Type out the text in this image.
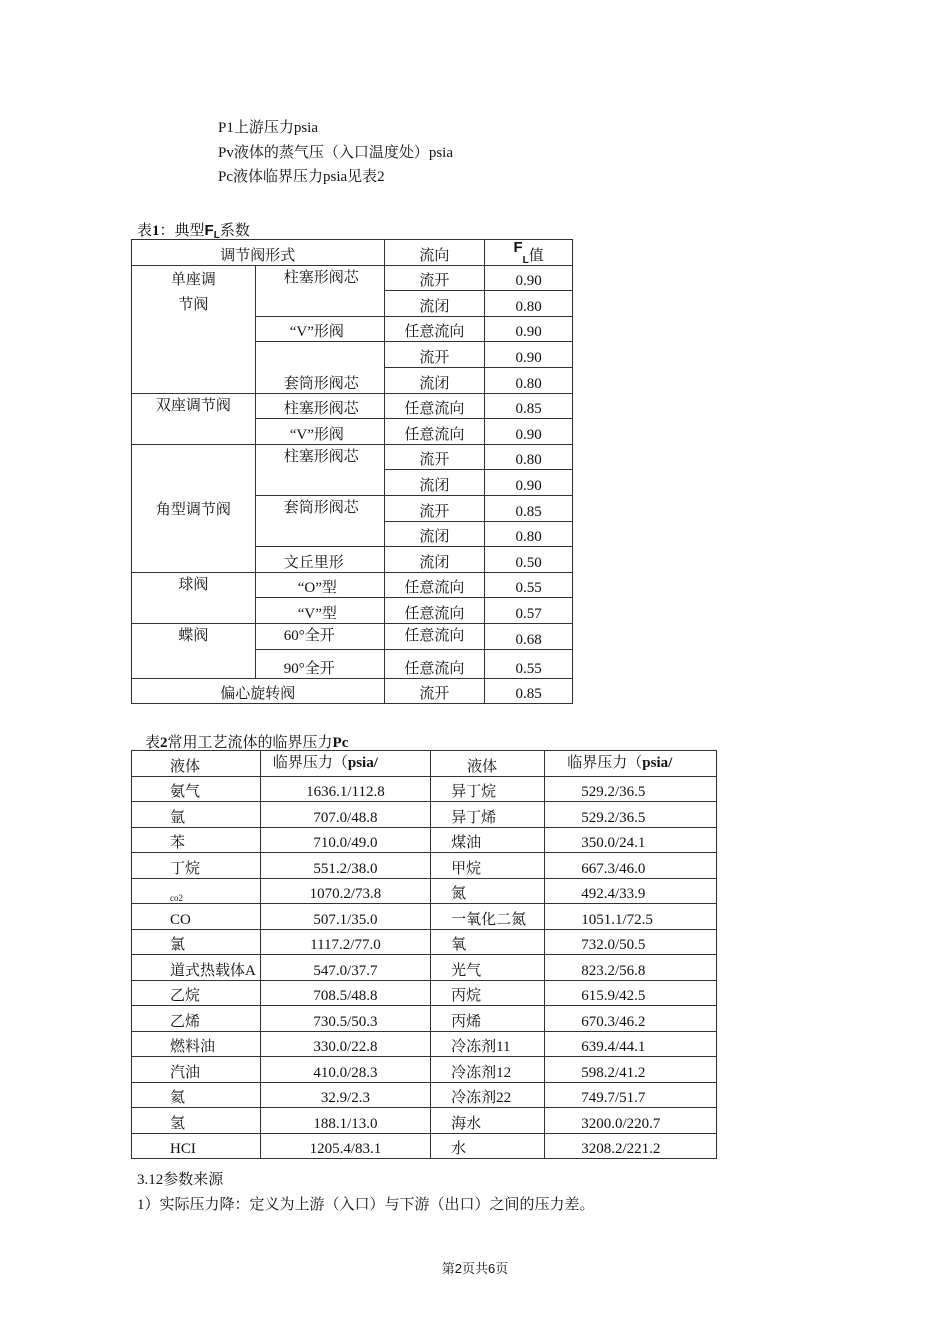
P1上游压力psia
Pv液体的蒸气压（入口温度处）psia
Pc液体临界压力psia见表2
表1：典型$F_L$系数
调节阀形式		流向	$F_L$值

单座调
节阀	柱塞形阀芯	流开	0.90
		流闭	0.80
	“V”形阀	任意流向	0.90
	套筒形阀芯	流开	0.90
		流闭	0.80
双座调节阀	柱塞形阀芯	任意流向	0.85
	“V”形阀	任意流向	0.90
角型调节阀	柱塞形阀芯	流开	0.80
		流闭	0.90
	套筒形阀芯	流开	0.85
		流闭	0.80
	文丘里形	流闭	0.50
球阀	“O”型	任意流向	0.55
	“V”型	任意流向	0.57
蝶阀	60°全开	任意流向	0.68
	90°全开	任意流向	0.55
偏心旋转阀		流开	0.85
表2常用工艺流体的临界压力Pc
液体	临界压力（psia/	液体	临界压力（psia/
氨气	1636.1/112.8	异丁烷	529.2/36.5
氩	707.0/48.8	异丁烯	529.2/36.5
苯	710.0/49.0	煤油	350.0/24.1
丁烷	551.2/38.0	甲烷	667.3/46.0
co2	1070.2/73.8	氮	492.4/33.9
CO	507.1/35.0	一氧化二氮	1051.1/72.5
氯	1117.2/77.0	氧	732.0/50.5
道式热载体A	547.0/37.7	光气	823.2/56.8
乙烷	708.5/48.8	丙烷	615.9/42.5
乙烯	730.5/50.3	丙烯	670.3/46.2
燃料油	330.0/22.8	冷冻剂11	639.4/44.1
汽油	410.0/28.3	冷冻剂12	598.2/41.2
氦	32.9/2.3	冷冻剂22	749.7/51.7
氢	188.1/13.0	海水	3200.0/220.7
HCI	1205.4/83.1	水	3208.2/221.2
3.12参数来源
1）实际压力降：定义为上游（入口）与下游（出口）之间的压力差。
第2页共6页
